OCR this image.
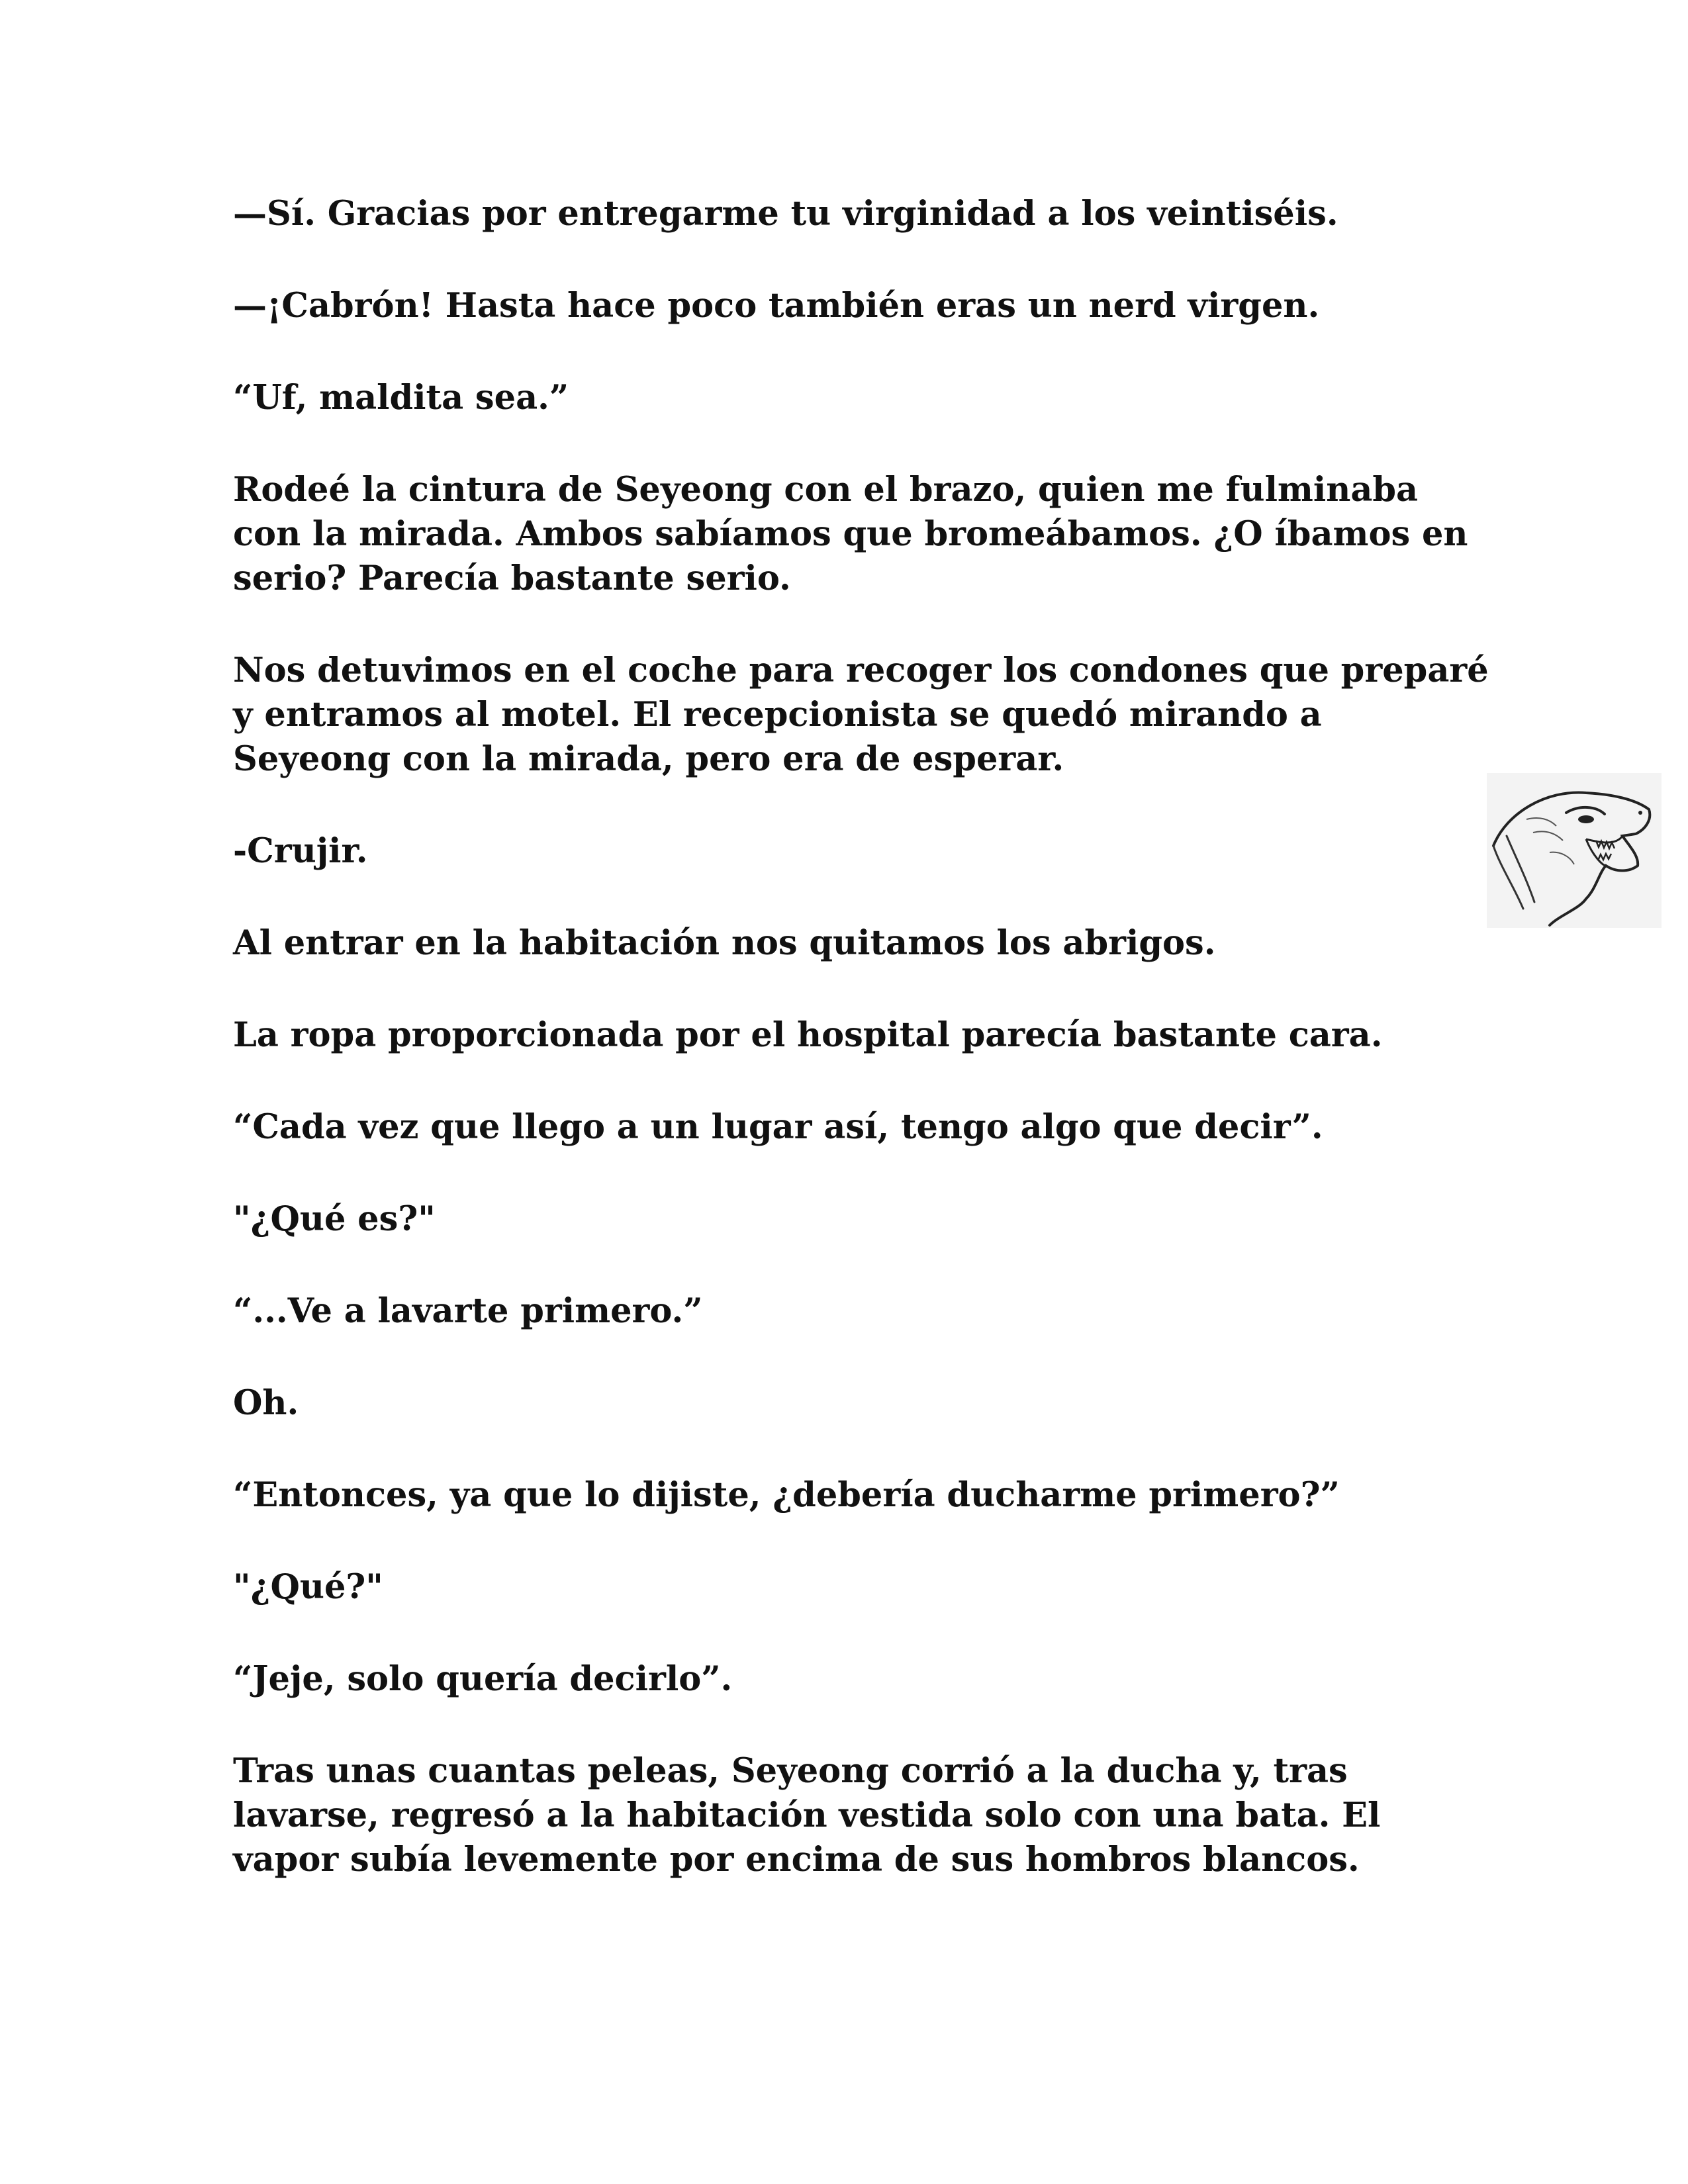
—Sí. Gracias por entregarme tu virginidad a los veintiséis.

—¡Cabrón! Hasta hace poco también eras un nerd virgen.

“Uf, maldita sea.”

Rodeé la cintura de Seyeong con el brazo, quien me fulminaba con la mirada. Ambos sabíamos que bromeábamos. ¿O íbamos en serio? Parecía bastante serio.

Nos detuvimos en el coche para recoger los condones que preparé y entramos al motel. El recepcionista se quedó mirando a Seyeong con la mirada, pero era de esperar.

-Crujir.

Al entrar en la habitación nos quitamos los abrigos.

La ropa proporcionada por el hospital parecía bastante cara.

“Cada vez que llego a un lugar así, tengo algo que decir”.

"¿Qué es?"

“...Ve a lavarte primero.”

Oh.

“Entonces, ya que lo dijiste, ¿debería ducharme primero?”

"¿Qué?"

“Jeje, solo quería decirlo”.

Tras unas cuantas peleas, Seyeong corrió a la ducha y, tras lavarse, regresó a la habitación vestida solo con una bata. El vapor subía levemente por encima de sus hombros blancos.
